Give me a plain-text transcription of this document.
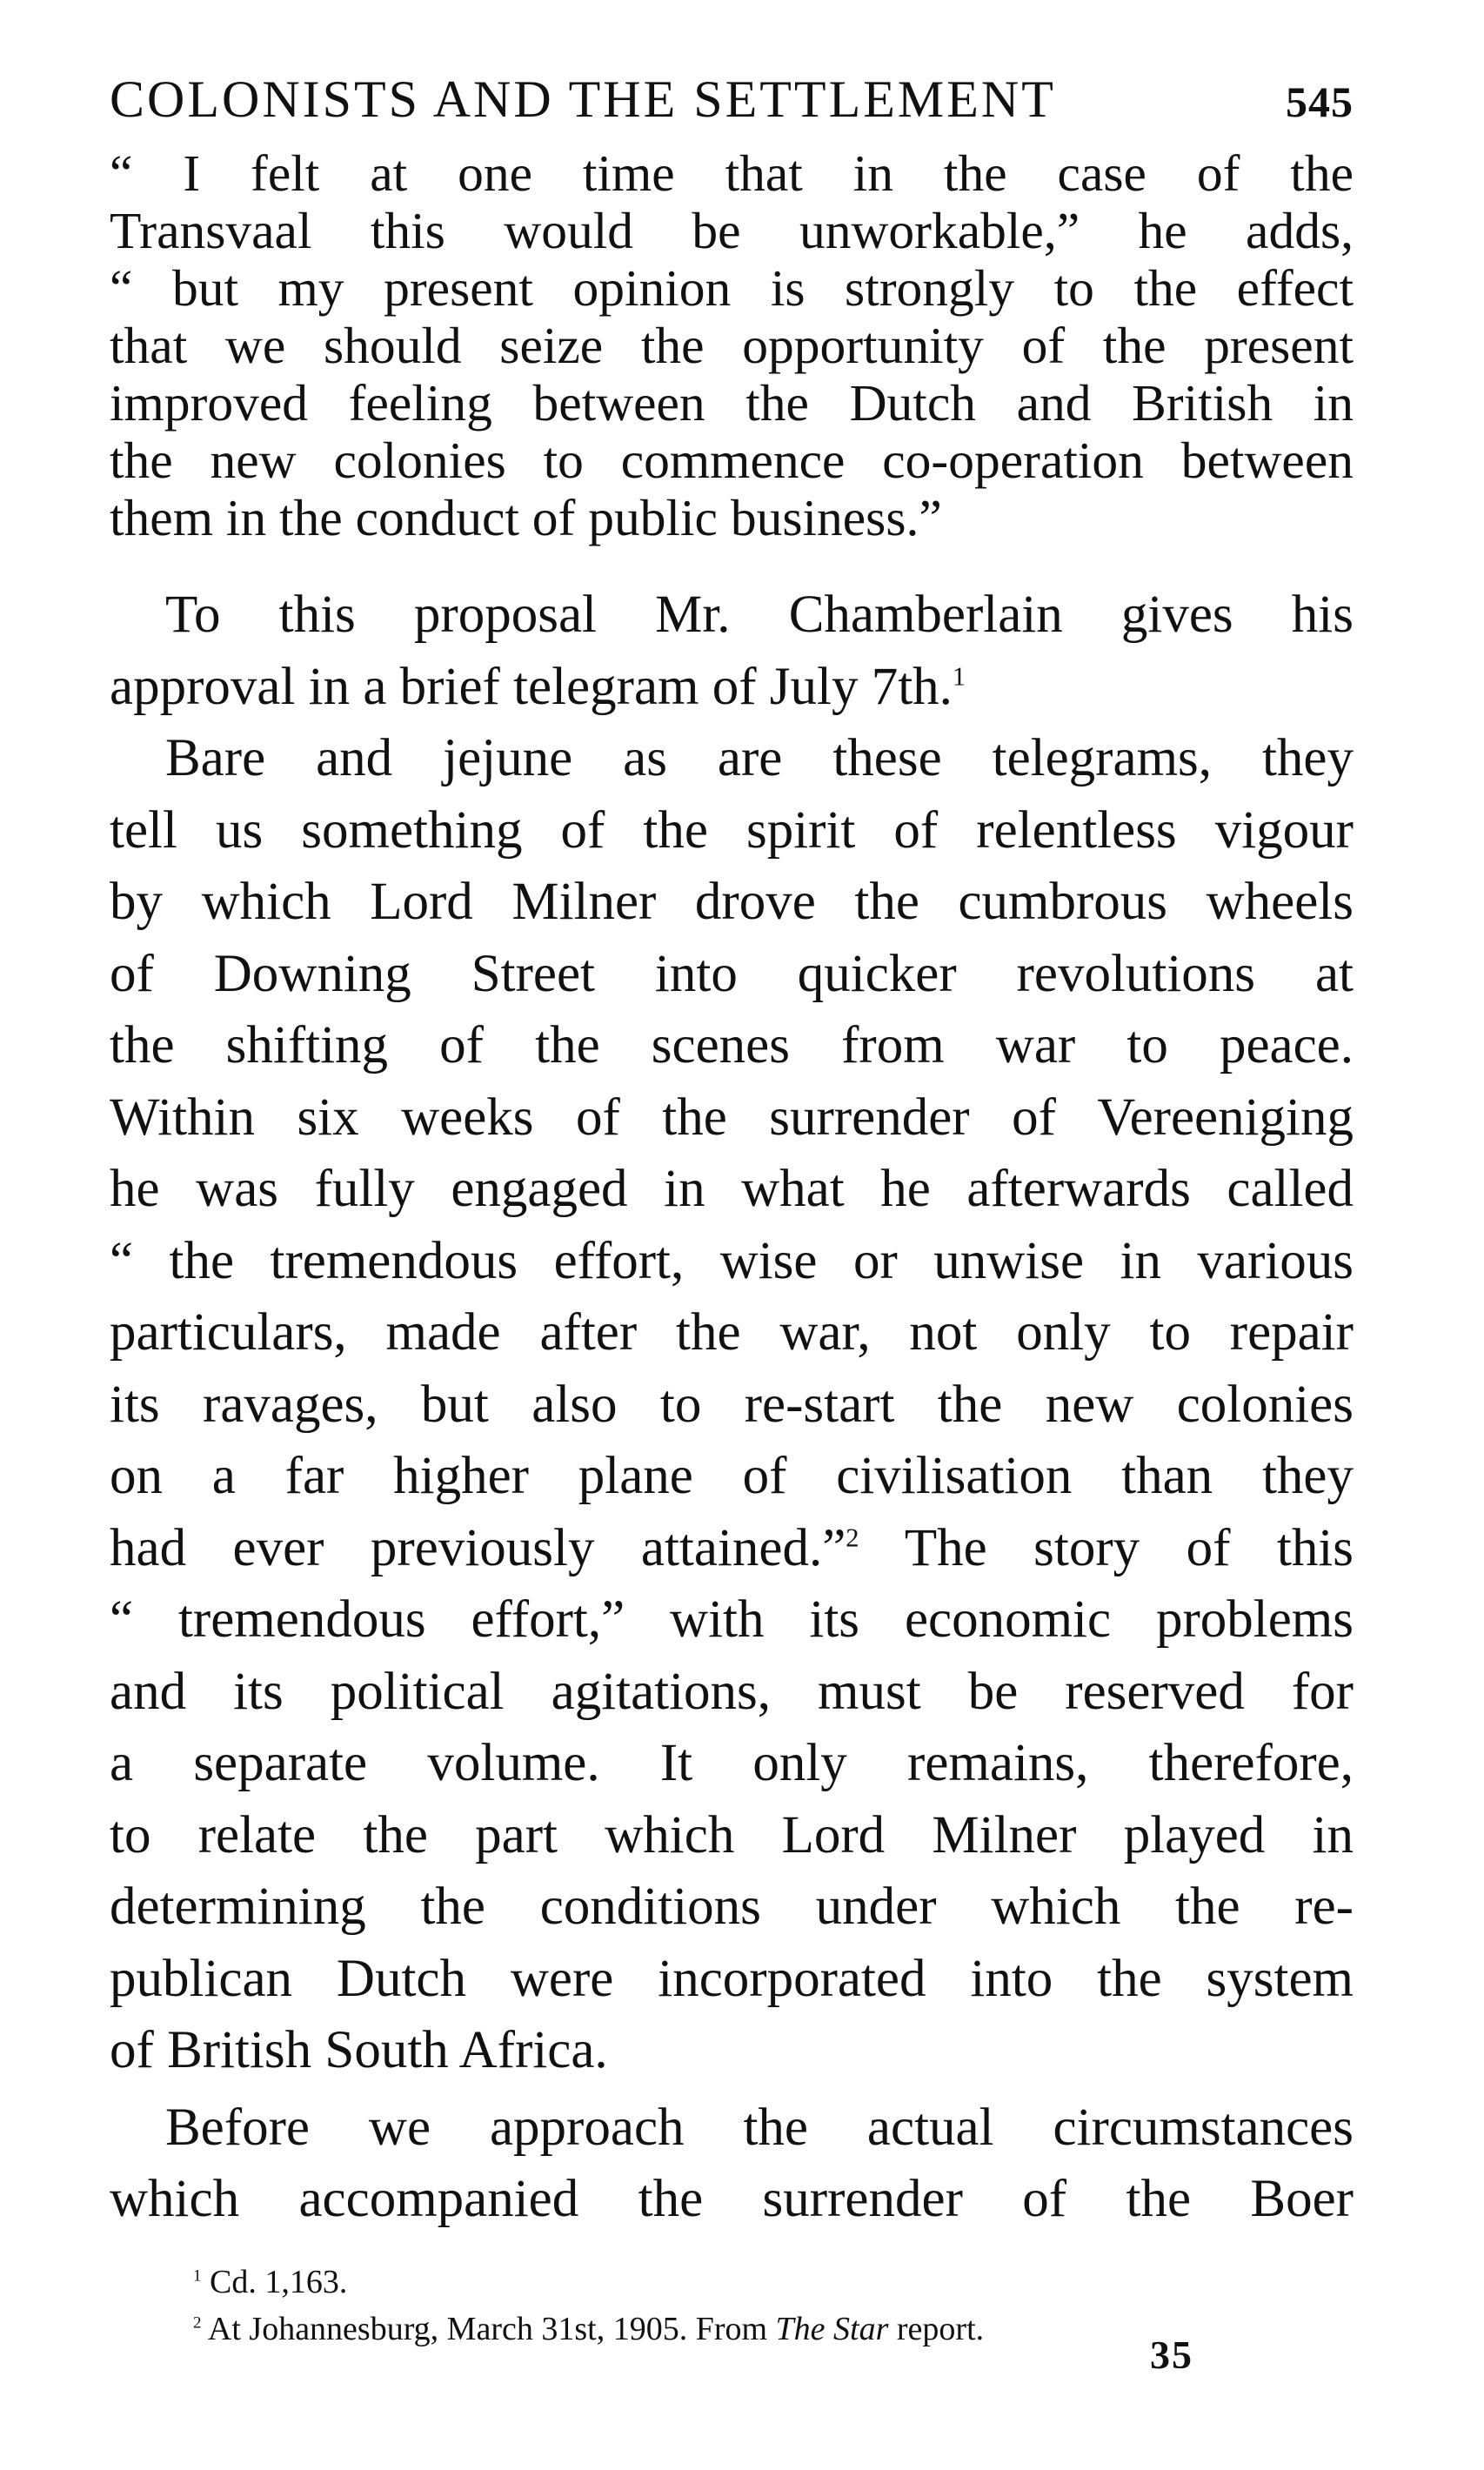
COLONISTS AND THE SETTLEMENT	545
“ I felt at one time that in the case of the
Transvaal this would be unworkable,” he adds,
“ but my present opinion is strongly to the effect
that we should seize the opportunity of the present
improved feeling between the Dutch and British in
the new colonies to commence co-operation between
them in the conduct of public business.”
To this proposal Mr. Chamberlain gives his
approval in a brief telegram of July 7th.$^1$
Bare and jejune as are these telegrams, they
tell us something of the spirit of relentless vigour
by which Lord Milner drove the cumbrous wheels
of Downing Street into quicker revolutions at
the shifting of the scenes from war to peace.
Within six weeks of the surrender of Vereeniging
he was fully engaged in what he afterwards called
“ the tremendous effort, wise or unwise in various
particulars, made after the war, not only to repair
its ravages, but also to re-start the new colonies
on a far higher plane of civilisation than they
had ever previously attained.”$^2$ The story of this
“ tremendous effort,” with its economic problems
and its political agitations, must be reserved for
a separate volume. It only remains, therefore,
to relate the part which Lord Milner played in
determining the conditions under which the re-
publican Dutch were incorporated into the system
of British South Africa.
Before we approach the actual circumstances
which accompanied the surrender of the Boer
$^1$ Cd. 1,163.
$^2$ At Johannesburg, March 31st, 1905. From The Star report.
35
